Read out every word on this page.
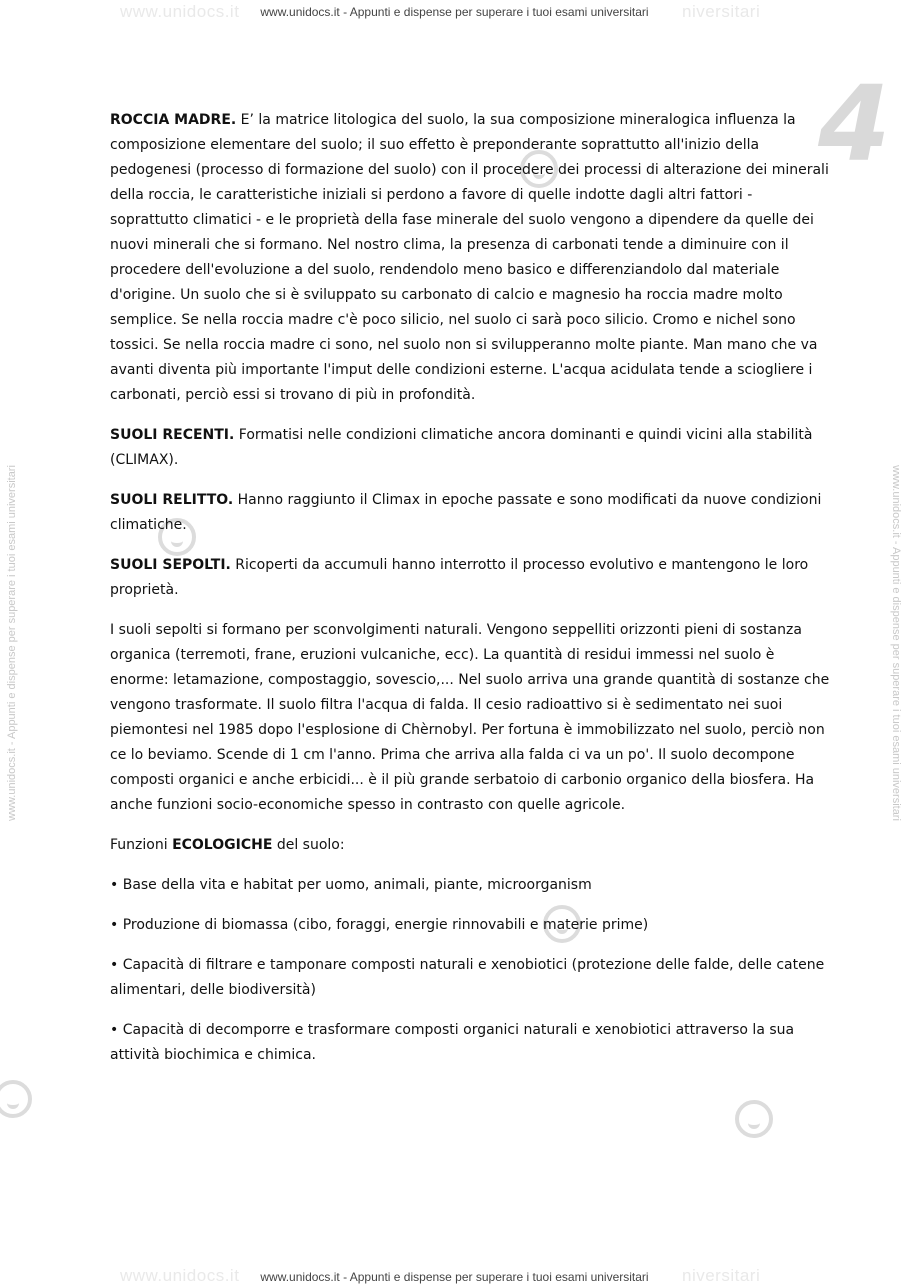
www.unidocs.it	niversitari
www.unidocs.it - Appunti e dispense per superare i tuoi esami universitari
www.unidocs.it	niversitari
www.unidocs.it - Appunti e dispense per superare i tuoi esami universitari
www.unidocs.it - Appunti e dispense per superare i tuoi esami universitari	www.unidocs.it - Appunti e dispense per superare i tuoi esami universitari
4

ROCCIA MADRE. E’ la matrice litologica del suolo, la sua composizione mineralogica influenza la composizione elementare del suolo; il suo effetto è preponderante soprattutto all'inizio della pedogenesi (processo di formazione del suolo) con il procedere dei processi di alterazione dei minerali della roccia, le caratteristiche iniziali si perdono a favore di quelle indotte dagli altri fattori - soprattutto climatici - e le proprietà della fase minerale del suolo vengono a dipendere da quelle dei nuovi minerali che si formano. Nel nostro clima, la presenza di carbonati tende a diminuire con il procedere dell'evoluzione a del suolo, rendendolo meno basico e differenziandolo dal materiale d'origine. Un suolo che si è sviluppato su carbonato di calcio e magnesio ha roccia madre molto semplice. Se nella roccia madre c'è poco silicio, nel suolo ci sarà poco silicio. Cromo e nichel sono tossici. Se nella roccia madre ci sono, nel suolo non si svilupperanno molte piante. Man mano che va avanti diventa più importante l'imput delle condizioni esterne. L'acqua acidulata tende a sciogliere i carbonati, perciò essi si trovano di più in profondità.

SUOLI RECENTI. Formatisi nelle condizioni climatiche ancora dominanti e quindi vicini alla stabilità (CLIMAX).

SUOLI RELITTO. Hanno raggiunto il Climax in epoche passate e sono modificati da nuove condizioni climatiche.

SUOLI SEPOLTI. Ricoperti da accumuli hanno interrotto il processo evolutivo e mantengono le loro proprietà.

I suoli sepolti si formano per sconvolgimenti naturali. Vengono seppelliti orizzonti pieni di sostanza organica (terremoti, frane, eruzioni vulcaniche, ecc). La quantità di residui immessi nel suolo è enorme: letamazione, compostaggio, sovescio,... Nel suolo arriva una grande quantità di sostanze che vengono trasformate. Il suolo filtra l'acqua di falda. Il cesio radioattivo si è sedimentato nei suoi piemontesi nel 1985 dopo l'esplosione di Chèrnobyl. Per fortuna è immobilizzato nel suolo, perciò non ce lo beviamo. Scende di 1 cm l'anno. Prima che arriva alla falda ci va un po'. Il suolo decompone composti organici e anche erbicidi... è il più grande serbatoio di carbonio organico della biosfera. Ha anche funzioni socio-economiche spesso in contrasto con quelle agricole.

Funzioni ECOLOGICHE del suolo:

• Base della vita e habitat per uomo, animali, piante, microorganism

• Produzione di biomassa (cibo, foraggi, energie rinnovabili e materie prime)

• Capacità di filtrare e tamponare composti naturali e xenobiotici (protezione delle falde, delle catene alimentari, delle biodiversità)

• Capacità di decomporre e trasformare composti organici naturali e xenobiotici attraverso la sua attività biochimica e chimica.
